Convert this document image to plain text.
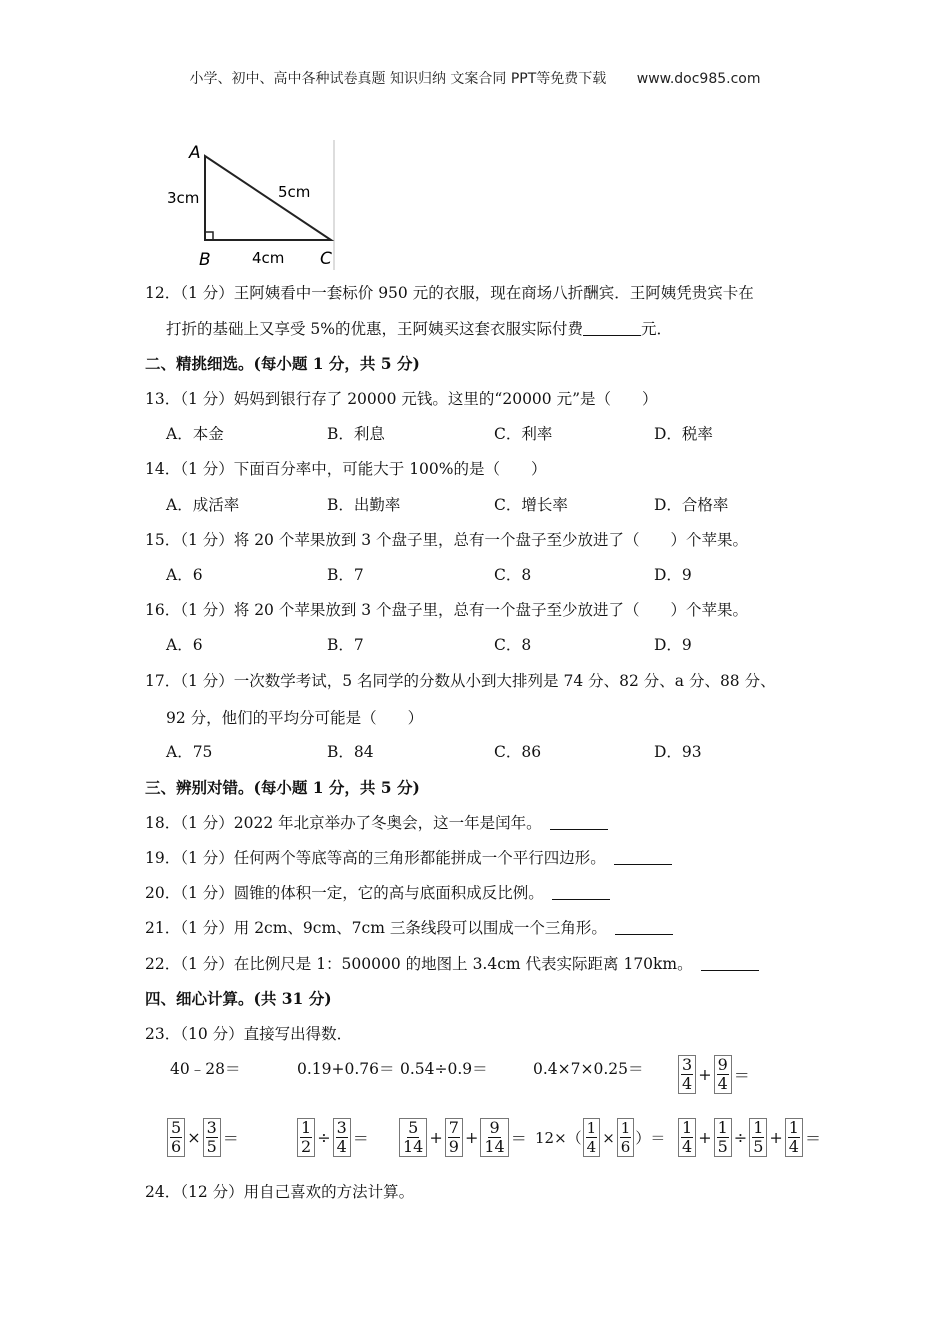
小学、初中、高中各种试卷真题 知识归纳 文案合同 PPT等免费下载 www.doc985.com
A
B	C
3cm	5cm
4cm
12．（1 分）王阿姨看中一套标价 950 元的衣服，现在商场八折酬宾．王阿姨凭贵宾卡在
打折的基础上又享受 5%的优惠，王阿姨买这套衣服实际付费	元．
二、精挑细选。(每小题 1 分，共 5 分)
13．（1 分）妈妈到银行存了 20000 元钱。这里的“20000 元”是（　　）
A．本金	B．利息	C．利率	D．税率
14．（1 分）下面百分率中，可能大于 100%的是（　　）
A．成活率	B．出勤率	C．增长率	D．合格率
15．（1 分）将 20 个苹果放到 3 个盘子里，总有一个盘子至少放进了（　　）个苹果。
A．6	B．7	C．8	D．9
16．（1 分）将 20 个苹果放到 3 个盘子里，总有一个盘子至少放进了（　　）个苹果。
A．6	B．7	C．8	D．9
17．（1 分）一次数学考试，5 名同学的分数从小到大排列是 74 分、82 分、a 分、88 分、
92 分，他们的平均分可能是（　　）
A．75	B．84	C．86	D．93
三、辨别对错。(每小题 1 分，共 5 分)
18．（1 分）2022 年北京举办了冬奥会，这一年是闰年。
19．（1 分）任何两个等底等高的三角形都能拼成一个平行四边形。
20．（1 分）圆锥的体积一定，它的高与底面积成反比例。
21．（1 分）用 2cm、9cm、7cm 三条线段可以围成一个三角形。
22．（1 分）在比例尺是 1：500000 的地图上 3.4cm 代表实际距离 170km。
四、细心计算。(共 31 分)
23．（10 分）直接写出得数．
40﹣28＝	0.19+0.76＝ 0.54÷0.9＝	$0.4\times 7\times 0.25= \frac{3}{4} + \frac{9}{4}$ ＝
$\frac{5}{6} \times \frac{3}{5}$ ＝	$\frac{1}{2} \div \frac{3}{4} = \frac{5}{14} + \frac{7}{9} + \frac{9}{14} = 12\times( \frac{1}{4} \times \frac{1}{6}$ ）＝ $\frac{1}{4} + \frac{1}{5} \div \frac{1}{5} + \frac{1}{4}$ ＝
24．（12 分）用自己喜欢的方法计算。
